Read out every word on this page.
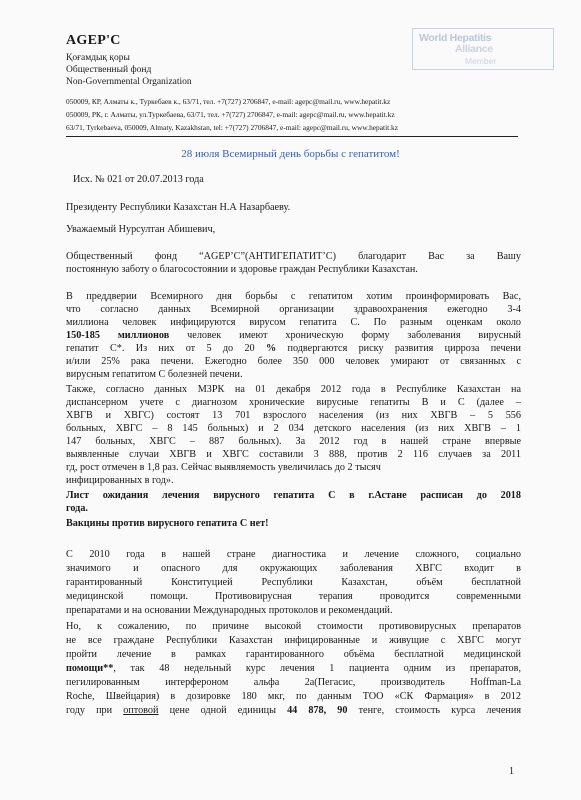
AGEP'C
Қоғамдық қоры
Общественный фонд
Non-Governmental Organization
World Hepatitis
Alliance
Member
050009, КР, Алматы к., Туркебаев к., 63/71, тел. +7(727) 2706847, e-mail: agepc@mail.ru, www.hepatit.kz
050009, РК, г. Алматы, ул.Туркебаева, 63/71, тел. +7(727) 2706847, e-mail: agepc@mail.ru, www.hepatit.kz
63/71, Tyrkebaeva, 050009, Almaty, Kazakhstan, tel: +7(727) 2706847, e-mail: agepc@mail.ru, www.hepatit.kz
28 июля Всемирный день борьбы с гепатитом!
Исх. № 021 от 20.07.2013 года
Президенту Республики Казахстан Н.А Назарбаеву.
Уважаемый Нурсултан Абишевич,
Общественный фонд “AGEP’C”(АНТИГЕПАТИТ’С) благодарит Вас за Вашу
постоянную заботу о благосостоянии и здоровье граждан Республики Казахстан.
В преддверии Всемирного дня борьбы с гепатитом хотим проинформировать Вас,
что согласно данных Всемирной организации здравоохранения ежегодно 3-4
миллиона человек инфицируются вирусом гепатита С. По разным оценкам около
150-185 миллионов человек имеют хроническую форму заболевания вирусный
гепатит С*. Из них от 5 до 20 % подвергаются риску развития цирроза печени
и/или 25% рака печени. Ежегодно более 350 000 человек умирают от связанных с
вирусным гепатитом С болезней печени.
Также, согласно данных МЗРК на 01 декабря 2012 года в Республике Казахстан на
диспансерном учете с диагнозом хронические вирусные гепатиты В и С (далее –
ХВГВ и ХВГС) состоят 13 701 взрослого населения (из них ХВГВ – 5 556
больных, ХВГС – 8 145 больных) и 2 034 детского населения (из них ХВГВ – 1
147 больных, ХВГС – 887 больных). За 2012 год в нашей стране впервые
выявленные случаи ХВГВ и ХВГС составили 3 888, против 2 116 случаев за 2011
гд, рост отмечен в 1,8 раз. Сейчас выявляемость увеличилась до 2 тысяч
инфицированных в год».
Лист ожидания лечения вирусного гепатита С в г.Астане расписан до 2018
года.
Вакцины против вирусного гепатита С нет!
С 2010 года в нашей стране диагностика и лечение сложного, социально
значимого и опасного для окружающих заболевания ХВГС входит в
гарантированный Конституцией Республики Казахстан, объём бесплатной
медицинской помощи. Противовирусная терапия проводится современными
препаратами и на основании Международных протоколов и рекомендаций.
Но, к сожалению, по причине высокой стоимости противовирусных препаратов
не все граждане Республики Казахстан инфицированные и живущие с ХВГС могут
пройти лечение в рамках гарантированного объёма бесплатной медицинской
помощи**, так 48 недельный курс лечения 1 пациента одним из препаратов,
пегилированным интерфероном альфа 2а(Пегасис, производитель Hoffman-La
Roche, Швейцария) в дозировке 180 мкг, по данным ТОО «СК Фармация» в 2012
году при оптовой цене одной единицы 44 878, 90 тенге, стоимость курса лечения
1
